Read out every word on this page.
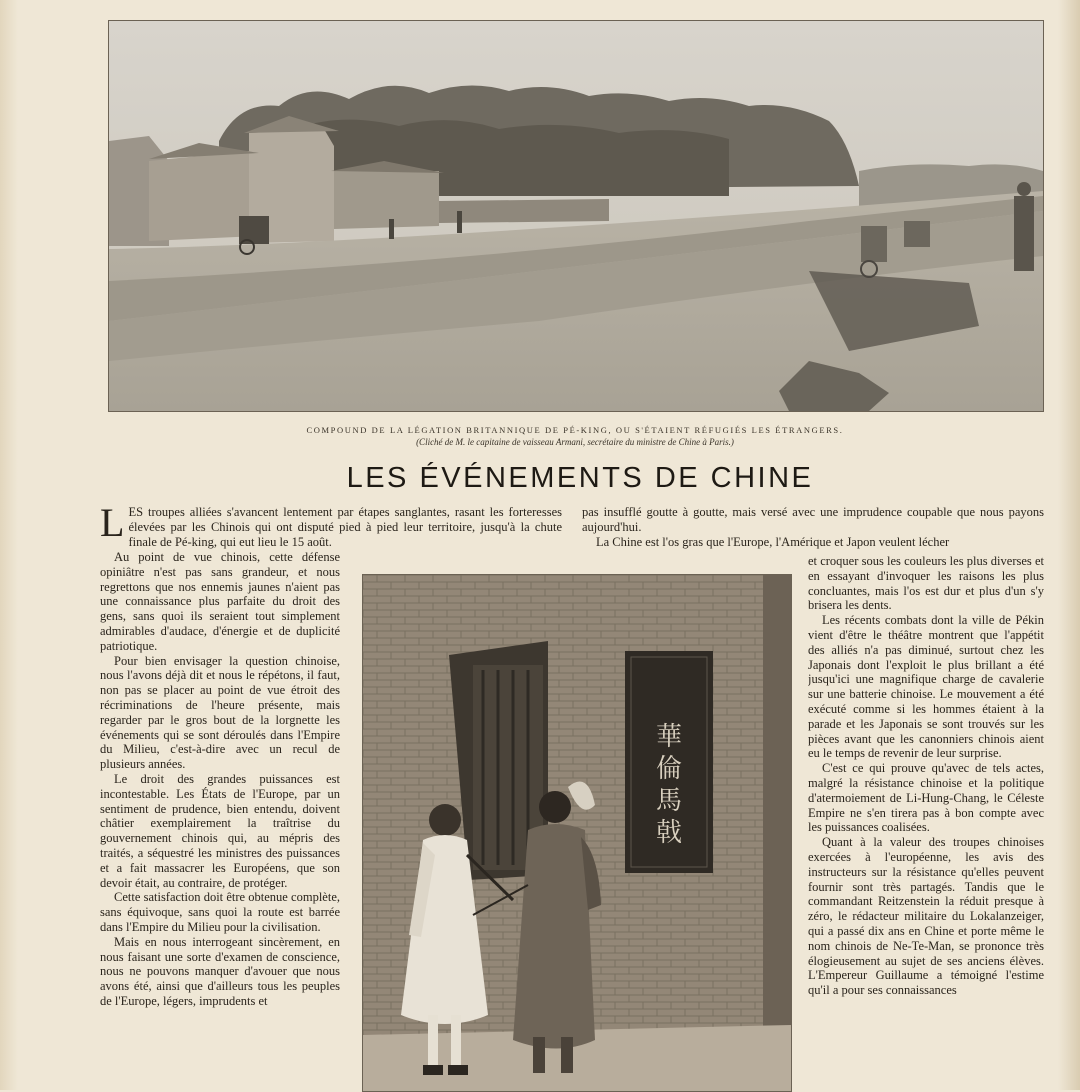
COMPOUND DE LA LÉGATION BRITANNIQUE DE PÉ-KING, OU S'ÉTAIENT RÉFUGIÉS LES ÉTRANGERS.
(Cliché de M. le capitaine de vaisseau Armani, secrétaire du ministre de Chine à Paris.)
LES ÉVÉNEMENTS DE CHINE

LES troupes alliées s'avancent lentement par étapes sanglantes, rasant les forteresses élevées par les Chinois qui ont disputé pied à pied leur territoire, jusqu'à la chute finale de Pé-king, qui eut lieu le 15 août.

Au point de vue chinois, cette défense opiniâtre n'est pas sans grandeur, et nous regrettons que nos ennemis jaunes n'aient pas une connaissance plus parfaite du droit des gens, sans quoi ils seraient tout simplement admirables d'audace, d'énergie et de duplicité patriotique.

Pour bien envisager la question chinoise, nous l'avons déjà dit et nous le répétons, il faut, non pas se placer au point de vue étroit des récriminations de l'heure présente, mais regarder par le gros bout de la lorgnette les événements qui se sont déroulés dans l'Empire du Milieu, c'est-à-dire avec un recul de plusieurs années.

Le droit des grandes puissances est incontestable. Les États de l'Europe, par un sentiment de prudence, bien entendu, doivent châtier exemplairement la traîtrise du gouvernement chinois qui, au mépris des traités, a séquestré les ministres des puissances et a fait massacrer les Européens, que son devoir était, au contraire, de protéger.

Cette satisfaction doit être obtenue complète, sans équivoque, sans quoi la route est barrée dans l'Empire du Milieu pour la civilisation.

Mais en nous interrogeant sincèrement, en nous faisant une sorte d'examen de conscience, nous ne pouvons manquer d'avouer que nous avons été, ainsi que d'ailleurs tous les peuples de l'Europe, légers, imprudents et

pas insufflé goutte à goutte, mais versé avec une imprudence coupable que nous payons aujourd'hui.

La Chine est l'os gras que l'Europe, l'Amérique et Japon veulent lécher

華
倫
馬
戟

et croquer sous les couleurs les plus diverses et en essayant d'invoquer les raisons les plus concluantes, mais l'os est dur et plus d'un s'y brisera les dents.

Les récents combats dont la ville de Pékin vient d'être le théâtre montrent que l'appétit des alliés n'a pas diminué, surtout chez les Japonais dont l'exploit le plus brillant a été jusqu'ici une magnifique charge de cavalerie sur une batterie chinoise. Le mouvement a été exécuté comme si les hommes étaient à la parade et les Japonais se sont trouvés sur les pièces avant que les canonniers chinois aient eu le temps de revenir de leur surprise.

C'est ce qui prouve qu'avec de tels actes, malgré la résistance chinoise et la politique d'atermoiement de Li-Hung-Chang, le Céleste Empire ne s'en tirera pas à bon compte avec les puissances coalisées.

Quant à la valeur des troupes chinoises exercées à l'européenne, les avis des instructeurs sur la résistance qu'elles peuvent fournir sont très partagés. Tandis que le commandant Reitzenstein la réduit presque à zéro, le rédacteur militaire du Lokalanzeiger, qui a passé dix ans en Chine et porte même le nom chinois de Ne-Te-Man, se prononce très élogieusement au sujet de ses anciens élèves. L'Empereur Guillaume a témoigné l'estime qu'il a pour ses connaissances
